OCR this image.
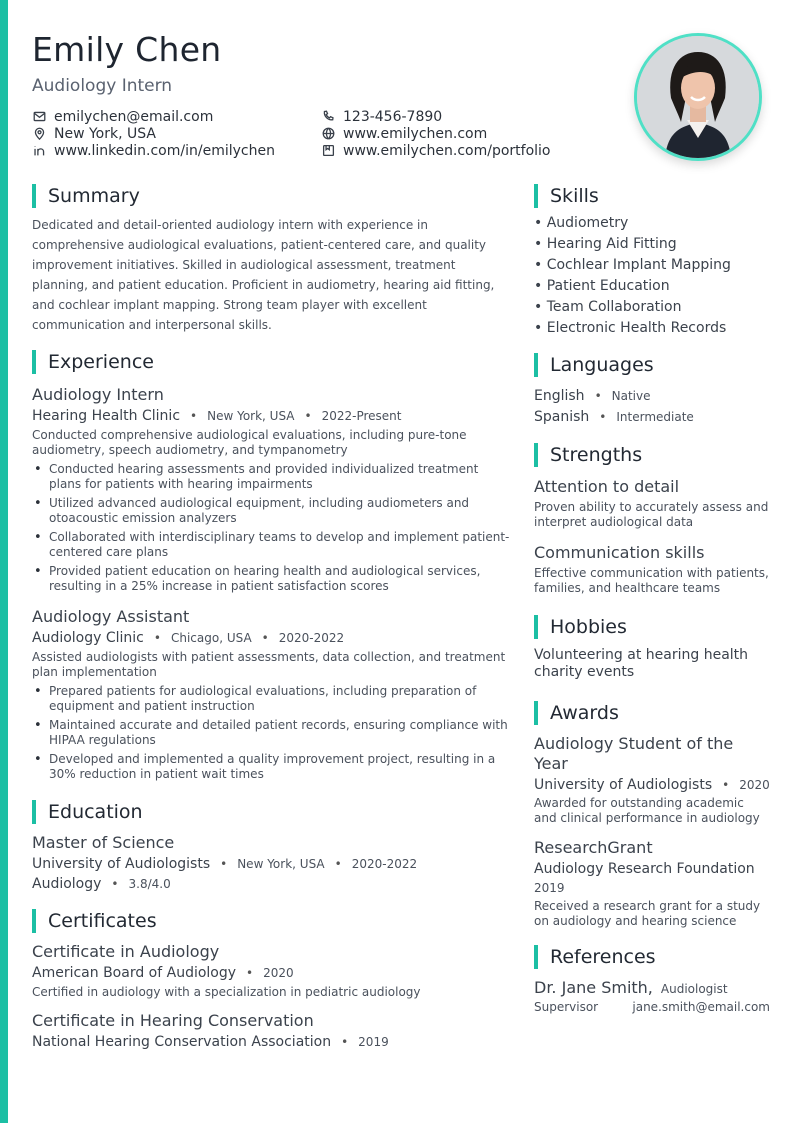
Emily Chen
Audiology Intern
emilychen@email.com
New York, USA
www.linkedin.com/in/emilychen
123-456-7890
www.emilychen.com
www.emilychen.com/portfolio
Summary
Dedicated and detail-oriented audiology intern with experience in comprehensive audiological evaluations, patient-centered care, and quality improvement initiatives. Skilled in audiological assessment, treatment planning, and patient education. Proficient in audiometry, hearing aid fitting, and cochlear implant mapping. Strong team player with excellent communication and interpersonal skills.
Experience
Audiology Intern
Hearing Health Clinic • New York, USA • 2022-Present
Conducted comprehensive audiological evaluations, including pure-tone audiometry, speech audiometry, and tympanometry
• Conducted hearing assessments and provided individualized treatment plans for patients with hearing impairments
• Utilized advanced audiological equipment, including audiometers and otoacoustic emission analyzers
• Collaborated with interdisciplinary teams to develop and implement patient-centered care plans
• Provided patient education on hearing health and audiological services, resulting in a 25% increase in patient satisfaction scores
Audiology Assistant
Audiology Clinic • Chicago, USA • 2020-2022
Assisted audiologists with patient assessments, data collection, and treatment plan implementation
• Prepared patients for audiological evaluations, including preparation of equipment and patient instruction
• Maintained accurate and detailed patient records, ensuring compliance with HIPAA regulations
• Developed and implemented a quality improvement project, resulting in a 30% reduction in patient wait times
Education
Master of Science
University of Audiologists • New York, USA • 2020-2022
Audiology • 3.8/4.0
Certificates
Certificate in Audiology
American Board of Audiology • 2020
Certified in audiology with a specialization in pediatric audiology
Certificate in Hearing Conservation
National Hearing Conservation Association • 2019
Skills
• Audiometry
• Hearing Aid Fitting
• Cochlear Implant Mapping
• Patient Education
• Team Collaboration
• Electronic Health Records
Languages
English • Native
Spanish • Intermediate
Strengths
Attention to detail
Proven ability to accurately assess and interpret audiological data
Communication skills
Effective communication with patients, families, and healthcare teams
Hobbies
Volunteering at hearing health charity events
Awards
Audiology Student of the Year
University of Audiologists • 2020
Awarded for outstanding academic and clinical performance in audiology
ResearchGrant
Audiology Research Foundation
2019
Received a research grant for a study on audiology and hearing science
References
Dr. Jane Smith, Audiologist
Supervisor	jane.smith@email.com
